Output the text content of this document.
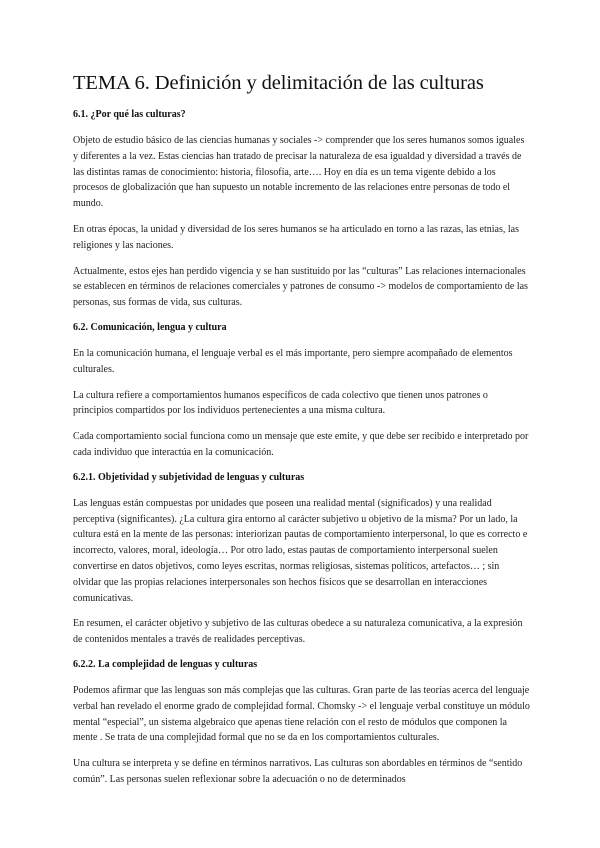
TEMA 6. Definición y delimitación de las culturas
6.1. ¿Por qué las culturas?

Objeto de estudio básico de las ciencias humanas y sociales -> comprender que los seres humanos somos iguales y diferentes a la vez. Estas ciencias han tratado de precisar la naturaleza de esa igualdad y diversidad a través de las distintas ramas de conocimiento: historia, filosofía, arte…. Hoy en día es un tema vigente debido a los procesos de globalización que han supuesto un notable incremento de las relaciones entre personas de todo el mundo.

En otras épocas, la unidad y diversidad de los seres humanos se ha articulado en torno a las razas, las etnias, las religiones y las naciones.

Actualmente, estos ejes han perdido vigencia y se han sustituido por las “culturas” Las relaciones internacionales se establecen en términos de relaciones comerciales y patrones de consumo -> modelos de comportamiento de las personas, sus formas de vida, sus culturas.

6.2. Comunicación, lengua y cultura

En la comunicación humana, el lenguaje verbal es el más importante, pero siempre acompañado de elementos culturales.

La cultura refiere a comportamientos humanos específicos de cada colectivo que tienen unos patrones o principios compartidos por los individuos pertenecientes a una misma cultura.

Cada comportamiento social funciona como un mensaje que este emite, y que debe ser recibido e interpretado por cada individuo que interactúa en la comunicación.

6.2.1. Objetividad y subjetividad de lenguas y culturas

Las lenguas están compuestas por unidades que poseen una realidad mental (significados) y una realidad perceptiva (significantes). ¿La cultura gira entorno al carácter subjetivo u objetivo de la misma? Por un lado, la cultura está en la mente de las personas: interiorizan pautas de comportamiento interpersonal, lo que es correcto e incorrecto, valores, moral, ideología… Por otro lado, estas pautas de comportamiento interpersonal suelen convertirse en datos objetivos, como leyes escritas, normas religiosas, sistemas políticos, artefactos… ; sin olvidar que las propias relaciones interpersonales son hechos físicos que se desarrollan en interacciones comunicativas.

En resumen, el carácter objetivo y subjetivo de las culturas obedece a su naturaleza comunicativa, a la expresión de contenidos mentales a través de realidades perceptivas.

6.2.2. La complejidad de lenguas y culturas

Podemos afirmar que las lenguas son más complejas que las culturas. Gran parte de las teorías acerca del lenguaje verbal han revelado el enorme grado de complejidad formal. Chomsky -> el lenguaje verbal constituye un módulo mental “especial”, un sistema algebraico que apenas tiene relación con el resto de módulos que componen la mente . Se trata de una complejidad formal que no se da en los comportamientos culturales.

Una cultura se interpreta y se define en términos narrativos. Las culturas son abordables en términos de “sentido común”. Las personas suelen reflexionar sobre la adecuación o no de determinados
